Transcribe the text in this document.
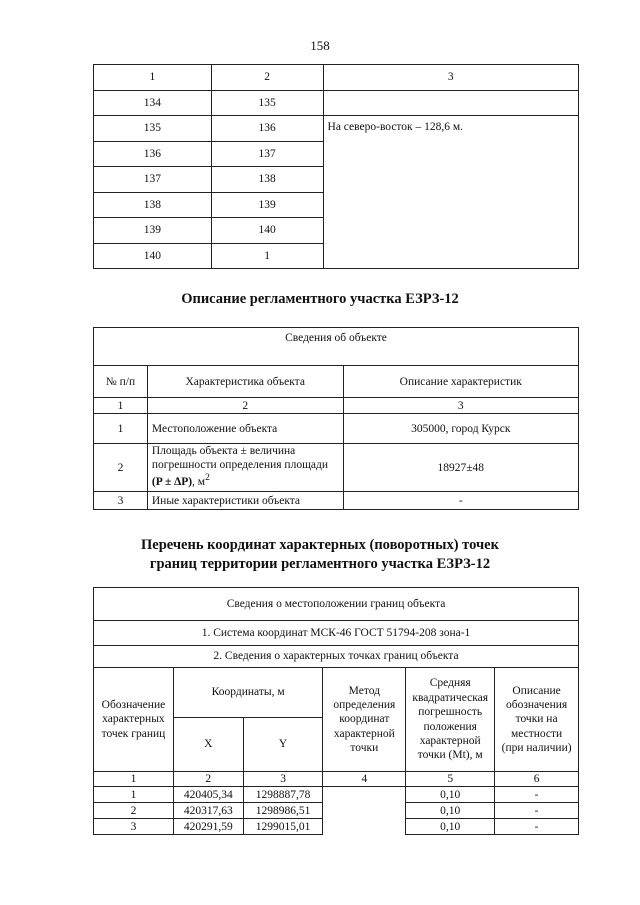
158
1	2	3
134	135	
135	136	На северо-восток – 128,6 м.
136	137	
137	138	
138	139	
139	140	
140	1	
Описание регламентного участка ЕЗРЗ-12
Сведения об объекте		
№ п/п	Характеристика объекта	Описание характеристик
1	2	3
1	Местоположение объекта	305000, город Курск
2	Площадь объекта ± величина погрешности определения площади (P ± ∆P), $м^2$	18927±48
3	Иные характеристики объекта	-
Перечень координат характерных (поворотных) точек
границ территории регламентного участка ЕЗРЗ-12
Сведения о местоположении границ объекта					
1. Система координат МСК-46 ГОСТ 51794-208 зона-1					
2. Сведения о характерных точках границ объекта					
Обозначение характерных точек границ	Координаты, м		Метод определения координат характерной точки	Средняя квадратическая погрешность положения характерной точки (Mt), м	Описание обозначения точки на местности (при наличии)
	X	Y			
1	2	3	4	5	6
1	420405,34	1298887,78		0,10	-
2	420317,63	1298986,51		0,10	-
3	420291,59	1299015,01		0,10	-
